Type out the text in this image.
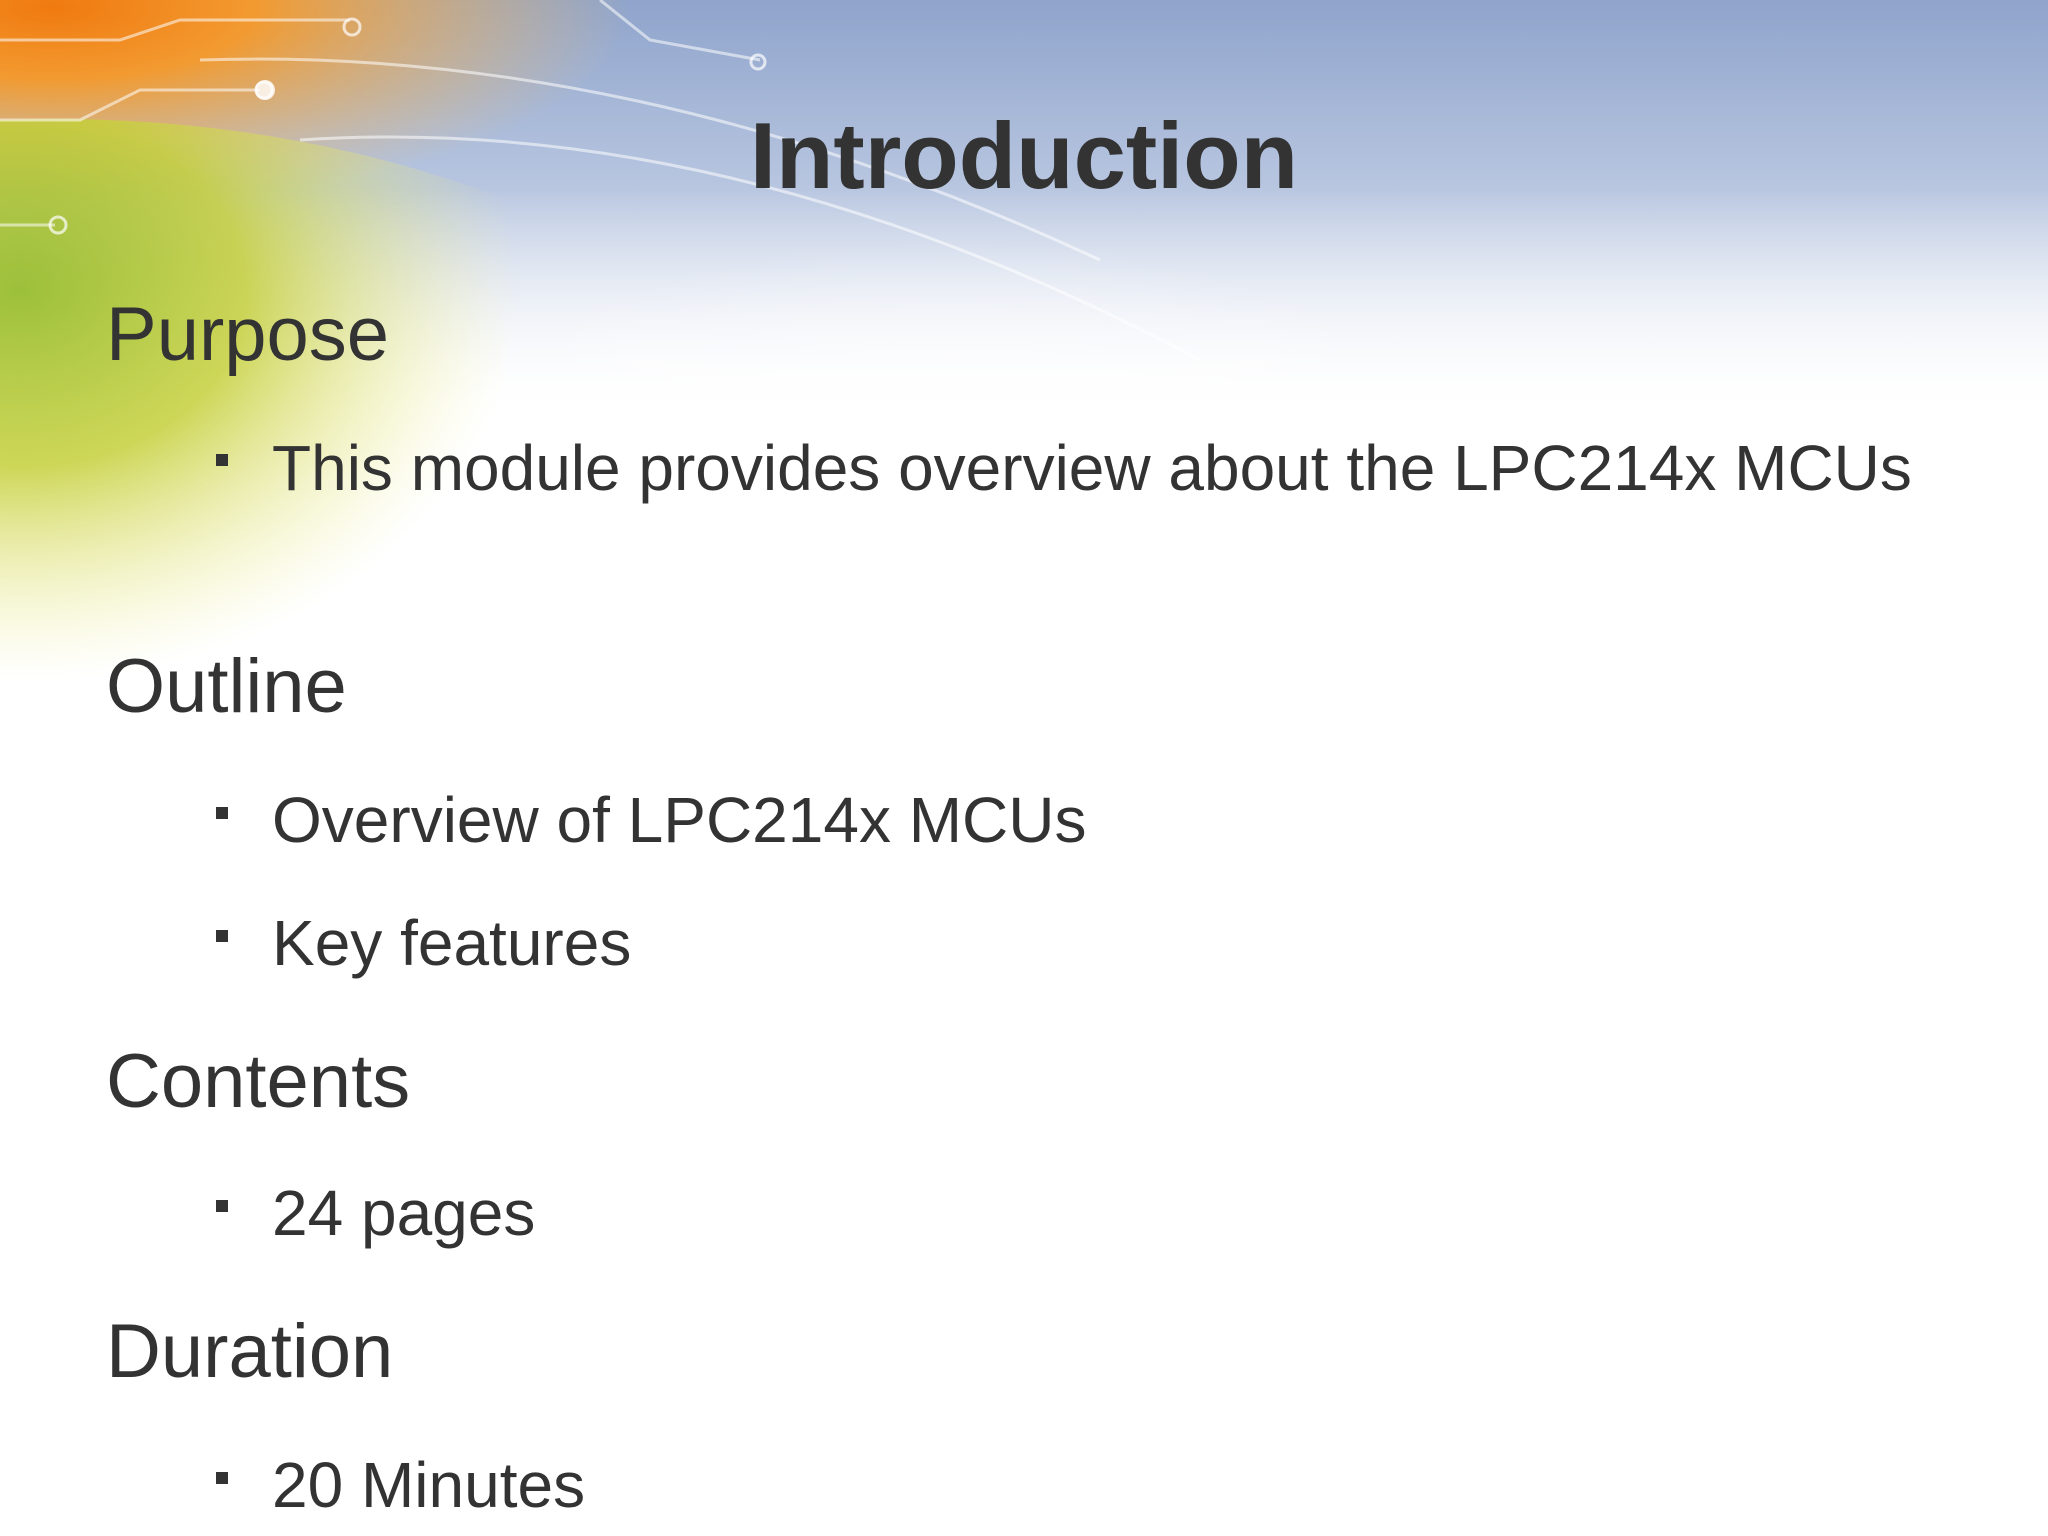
Introduction
Purpose
This module provides overview about the LPC214x MCUs
Outline
Overview of LPC214x MCUs
Key features
Contents
24 pages
Duration
20 Minutes
